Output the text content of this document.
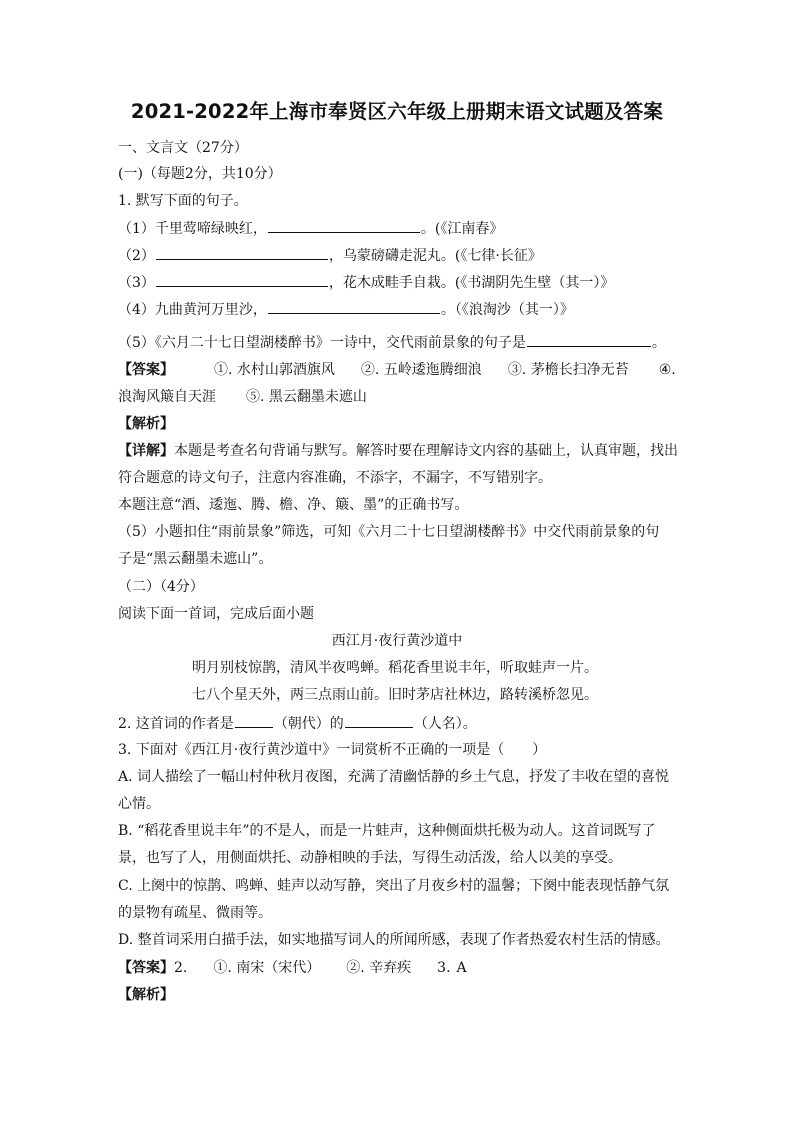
2021-2022年上海市奉贤区六年级上册期末语文试题及答案
一、文言文（27分）
(一)（每题2分，共10分）
1. 默写下面的句子。
（1）千里莺啼绿映红，	。(《江南春》
（2）	，乌蒙磅礴走泥丸。(《七律·长征》
（3）	，花木成畦手自栽。(《书湖阴先生壁（其一）》
（4）九曲黄河万里沙，	。（《浪淘沙（其一）》
（5）《六月二十七日望湖楼醉书》一诗中，交代雨前景象的句子是	。
【答案】	①. 水村山郭酒旗风 ②. 五岭逶迤腾细浪 ③. 茅檐长扫净无苔 ④.
浪淘风簸自天涯 ⑤. 黑云翻墨未遮山
【解析】
【详解】本题是考查名句背诵与默写。解答时要在理解诗文内容的基础上，认真审题，找出
符合题意的诗文句子，注意内容准确，不添字，不漏字，不写错别字。
本题注意“酒、逶迤、腾、檐、净、簸、墨”的正确书写。
（5）小题扣住“雨前景象”筛选，可知《六月二十七日望湖楼醉书》中交代雨前景象的句
子是“黑云翻墨未遮山”。
（二）（4分）
阅读下面一首词，完成后面小题
西江月·夜行黄沙道中
明月别枝惊鹊，清风半夜鸣蝉。稻花香里说丰年，听取蛙声一片。
七八个星天外，两三点雨山前。旧时茅店社林边，路转溪桥忽见。
2. 这首词的作者是	（朝代）的	（人名）。
3. 下面对《西江月·夜行黄沙道中》一词赏析不正确的一项是（　　）
A. 词人描绘了一幅山村仲秋月夜图，充满了清幽恬静的乡土气息，抒发了丰收在望的喜悦
心情。
B. “稻花香里说丰年”的不是人，而是一片蛙声，这种侧面烘托极为动人。这首词既写了
景，也写了人，用侧面烘托、动静相映的手法，写得生动活泼，给人以美的享受。
C. 上阕中的惊鹊、鸣蝉、蛙声以动写静，突出了月夜乡村的温馨；下阕中能表现恬静气氛
的景物有疏星、微雨等。
D. 整首词采用白描手法，如实地描写词人的所闻所感，表现了作者热爱农村生活的情感。
【答案】2. ①. 南宋（宋代） ②. 辛弃疾 3. A
【解析】
